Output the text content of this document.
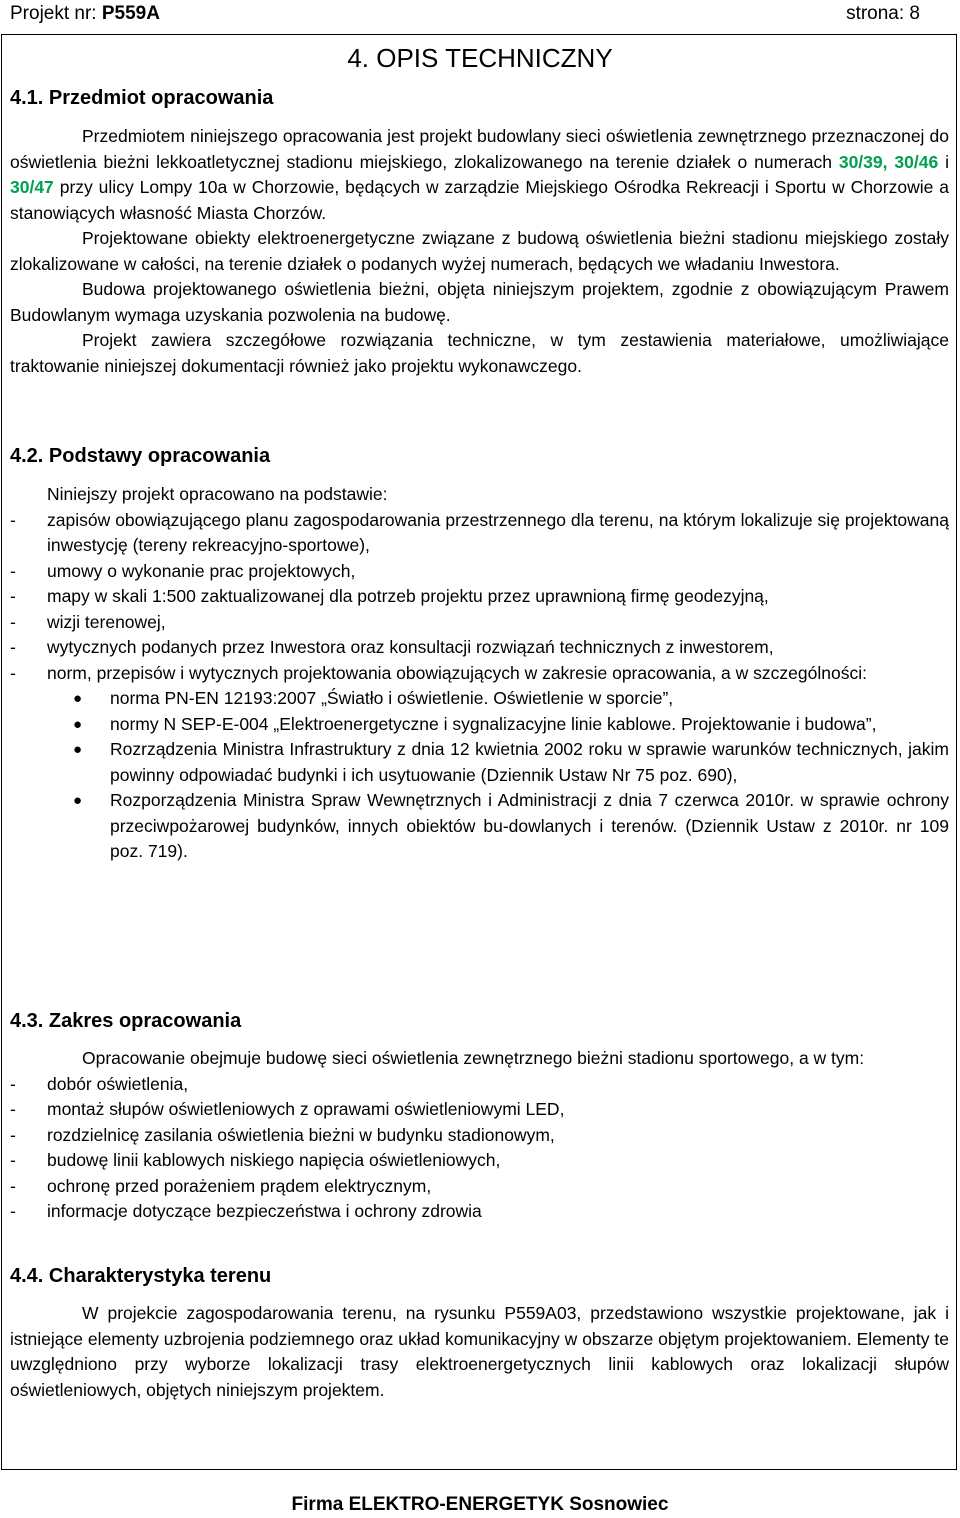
Projekt nr: P559A	strona: 8
4. OPIS TECHNICZNY
4.1. Przedmiot opracowania

Przedmiotem niniejszego opracowania jest projekt budowlany sieci oświetlenia zewnętrznego przeznaczonej do oświetlenia bieżni lekkoatletycznej stadionu miejskiego, zlokalizowanego na terenie działek o numerach 30/39, 30/46 i 30/47 przy ulicy Lompy 10a w Chorzowie, będących w zarządzie Miejskiego Ośrodka Rekreacji i Sportu w Chorzowie a stanowiących własność Miasta Chorzów.

Projektowane obiekty elektroenergetyczne związane z budową oświetlenia bieżni stadionu miejskiego zostały zlokalizowane w całości, na terenie działek o podanych wyżej numerach, będących we władaniu Inwestora.

Budowa projektowanego oświetlenia bieżni, objęta niniejszym projektem, zgodnie z obowiązującym Prawem Budowlanym wymaga uzyskania pozwolenia na budowę.

Projekt zawiera szczegółowe rozwiązania techniczne, w tym zestawienia materiałowe, umożliwiające traktowanie niniejszej dokumentacji również jako projektu wykonawczego.

4.2. Podstawy opracowania

Niniejszy projekt opracowano na podstawie:

-	zapisów obowiązującego planu zagospodarowania przestrzennego dla terenu, na którym lokalizuje się projektowaną inwestycję (tereny rekreacyjno-sportowe),
-	umowy o wykonanie prac projektowych,
-	mapy w skali 1:500 zaktualizowanej dla potrzeb projektu przez uprawnioną firmę geodezyjną,
-	wizji terenowej,
-	wytycznych podanych przez Inwestora oraz konsultacji rozwiązań technicznych z inwestorem,
-	norm, przepisów i wytycznych projektowania obowiązujących w zakresie opracowania, a w szczególności:
●	norma PN-EN 12193:2007 „Światło i oświetlenie. Oświetlenie w sporcie”,
●	normy N SEP-E-004 „Elektroenergetyczne i sygnalizacyjne linie kablowe. Projektowanie i budowa”,
●	Rozrządzenia Ministra Infrastruktury z dnia 12 kwietnia 2002 roku w sprawie warunków technicznych, jakim powinny odpowiadać budynki i ich usytuowanie (Dziennik Ustaw Nr 75 poz. 690),
●	Rozporządzenia Ministra Spraw Wewnętrznych i Administracji z dnia 7 czerwca 2010r. w sprawie ochrony przeciwpożarowej budynków, innych obiektów bu-dowlanych i terenów. (Dziennik Ustaw z 2010r. nr 109 poz. 719).
4.3. Zakres opracowania

Opracowanie obejmuje budowę sieci oświetlenia zewnętrznego bieżni stadionu sportowego, a w tym:

-	dobór oświetlenia,
-	montaż słupów oświetleniowych z oprawami oświetleniowymi LED,
-	rozdzielnicę zasilania oświetlenia bieżni w budynku stadionowym,
-	budowę linii kablowych niskiego napięcia oświetleniowych,
-	ochronę przed porażeniem prądem elektrycznym,
-	informacje dotyczące bezpieczeństwa i ochrony zdrowia
4.4. Charakterystyka terenu

W projekcie zagospodarowania terenu, na rysunku P559A03, przedstawiono wszystkie projektowane, jak i istniejące elementy uzbrojenia podziemnego oraz układ komunikacyjny w obszarze objętym projektowaniem. Elementy te uwzględniono przy wyborze lokalizacji trasy elektroenergetycznych linii kablowych oraz lokalizacji słupów oświetleniowych, objętych niniejszym projektem.

Firma ELEKTRO-ENERGETYK Sosnowiec
